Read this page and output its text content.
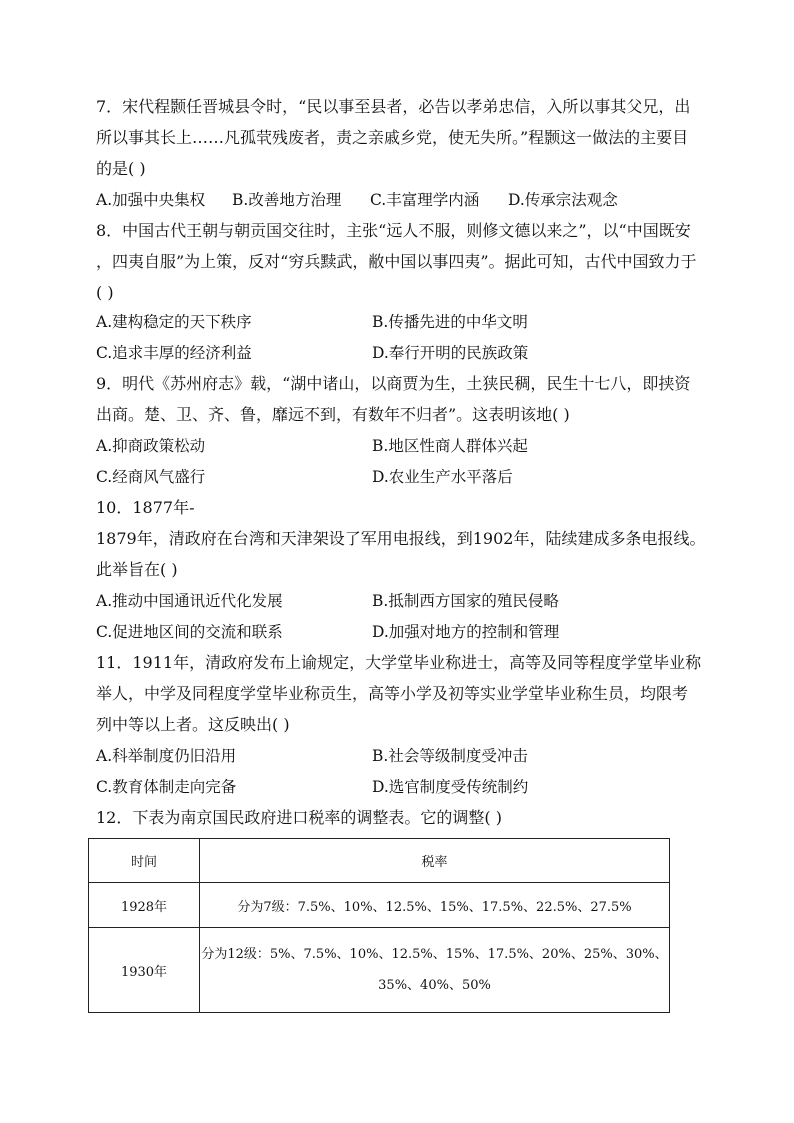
7．宋代程颢任晋城县令时，“民以事至县者，必告以孝弟忠信，入所以事其父兄，出
所以事其长上……凡孤茕残废者，责之亲戚乡党，使无失所。”程颢这一做法的主要目
的是( )
A.加强中央集权 B.改善地方治理 C.丰富理学内涵 D.传承宗法观念
8．中国古代王朝与朝贡国交往时，主张“远人不服，则修文德以来之”，以“中国既安
，四夷自服”为上策，反对“穷兵黩武，敝中国以事四夷”。据此可知，古代中国致力于
( )
A.建构稳定的天下秩序	B.传播先进的中华文明
C.追求丰厚的经济利益	D.奉行开明的民族政策
9．明代《苏州府志》载，“湖中诸山，以商贾为生，土狭民稠，民生十七八，即挟资
出商。楚、卫、齐、鲁，靡远不到，有数年不归者”。这表明该地( )
A.抑商政策松动	B.地区性商人群体兴起
C.经商风气盛行	D.农业生产水平落后
10．1877年-
1879年，清政府在台湾和天津架设了军用电报线，到1902年，陆续建成多条电报线。
此举旨在( )
A.推动中国通讯近代化发展	B.抵制西方国家的殖民侵略
C.促进地区间的交流和联系	D.加强对地方的控制和管理
11．1911年，清政府发布上谕规定，大学堂毕业称进士，高等及同等程度学堂毕业称
举人，中学及同程度学堂毕业称贡生，高等小学及初等实业学堂毕业称生员，均限考
列中等以上者。这反映出( )
A.科举制度仍旧沿用	B.社会等级制度受冲击
C.教育体制走向完备	D.选官制度受传统制约
12．下表为南京国民政府进口税率的调整表。它的调整( )
时间	税率
1928年	分为7级：7.5%、10%、12.5%、15%、17.5%、22.5%、27.5%
1930年	分为12级：5%、7.5%、10%、12.5%、15%、17.5%、20%、25%、30%、35%、40%、50%
